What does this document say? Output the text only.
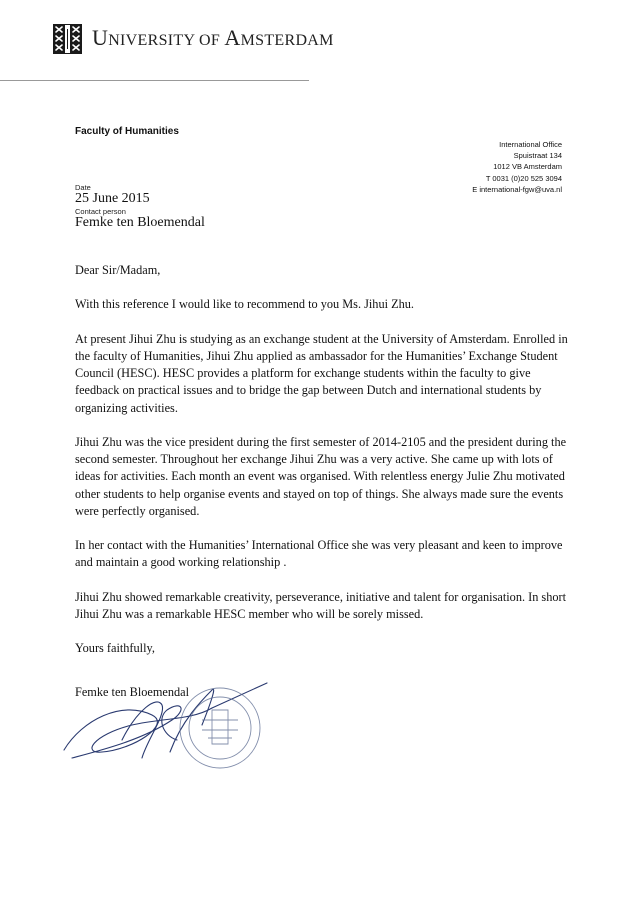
UNIVERSITY OF AMSTERDAM
Faculty of Humanities
International Office
Spuistraat 134
1012 VB Amsterdam
T 0031 (0)20 525 3094
E international-fgw@uva.nl
Date
25 June 2015
Contact person
Femke ten Bloemendal

Dear Sir/Madam,

With this reference I would like to recommend to you Ms. Jihui Zhu.

At present Jihui Zhu is studying as an exchange student at the University of Amsterdam. Enrolled in the faculty of Humanities, Jihui Zhu applied as ambassador for the Humanities’ Exchange Student Council (HESC). HESC provides a platform for exchange students within the faculty to give feedback on practical issues and to bridge the gap between Dutch and international students by organizing activities.

Jihui Zhu was the vice president during the first semester of 2014-2105 and the president during the second semester. Throughout her exchange Jihui Zhu was a very active. She came up with lots of ideas for activities. Each month an event was organised. With relentless energy Julie Zhu motivated other students to help organise events and stayed on top of things. She always made sure the events were perfectly organised.

In her contact with the Humanities’ International Office she was very pleasant and keen to improve and maintain a good working relationship .

Jihui Zhu showed remarkable creativity, perseverance, initiative and talent for organisation. In short Jihui Zhu was a remarkable HESC member who will be sorely missed.

Yours faithfully,

Femke ten Bloemendal
